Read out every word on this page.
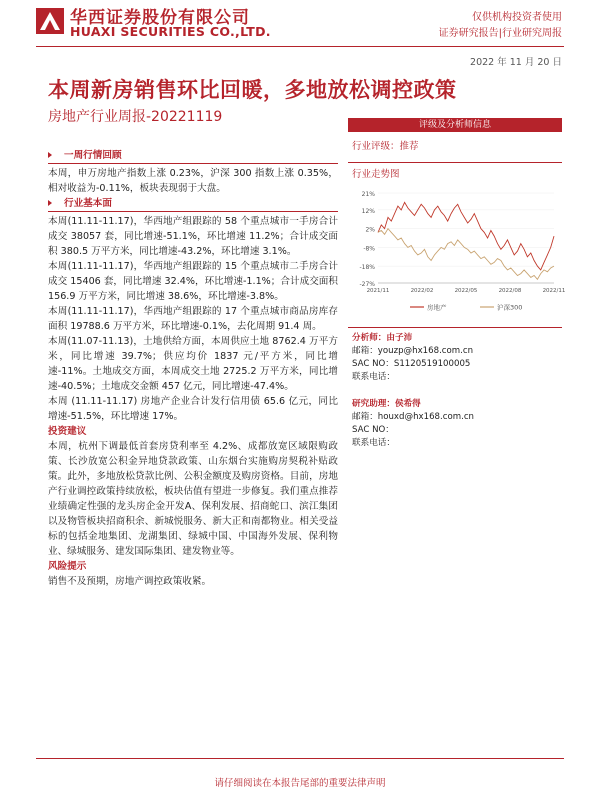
华西证券股份有限公司
HUAXI SECURITIES CO.,LTD.
仅供机构投资者使用
证券研究报告|行业研究周报
2022 年 11 月 20 日
本周新房销售环比回暖，多地放松调控政策
房地产行业周报-20221119

一周行情回顾

本周，申万房地产指数上涨 0.23%，沪深 300 指数上涨 0.35%，相对收益为-0.11%，板块表现弱于大盘。

行业基本面

本周(11.11-11.17)，华西地产组跟踪的 58 个重点城市一手房合计成交 38057 套，同比增速-51.1%，环比增速 11.2%；合计成交面积 380.5 万平方米，同比增速-43.2%，环比增速 3.1%。

本周(11.11-11.17)，华西地产组跟踪的 15 个重点城市二手房合计成交 15406 套，同比增速 32.4%，环比增速-1.1%；合计成交面积 156.9 万平方米，同比增速 38.6%，环比增速-3.8%。

本周(11.11-11.17)，华西地产组跟踪的 17 个重点城市商品房库存面积 19788.6 万平方米，环比增速-0.1%，去化周期 91.4 周。

本周(11.07-11.13)，土地供给方面，本周供应土地 8762.4 万平方米，同比增速 39.7%；供应均价 1837 元/平方米，同比增速-11%。土地成交方面，本周成交土地 2725.2 万平方米，同比增速-40.5%；土地成交金额 457 亿元，同比增速-47.4%。

本周 (11.11-11.17) 房地产企业合计发行信用债 65.6 亿元，同比增速-51.5%，环比增速 17%。

投资建议

本周，杭州下调最低首套房贷利率至 4.2%、成都放宽区域限购政策、长沙放宽公积金异地贷款政策、山东烟台实施购房契税补贴政策。此外，多地放松贷款比例、公积金额度及购房资格。目前，房地产行业调控政策持续放松，板块估值有望进一步修复。我们重点推荐业绩确定性强的龙头房企金开发A、保利发展、招商蛇口、滨江集团以及物管板块招商积余、新城悦服务、新大正和南都物业。相关受益标的包括金地集团、龙湖集团、绿城中国、中国海外发展、保利物业、绿城服务、建发国际集团、建发物业等。

风险提示

销售不及预期，房地产调控政策收紧。

评级及分析师信息
行业评级：推荐
行业走势图
21%
12%
2%
-8%
-18%
-27%
2021/11	2022/02	2022/05	2022/08	2022/11
房地产	沪深300
分析师：由子沛
邮箱：youzp@hx168.com.cn
SAC NO：S1120519100005
联系电话：
研究助理：侯希得
邮箱：houxd@hx168.com.cn
SAC NO：
联系电话：
请仔细阅读在本报告尾部的重要法律声明
